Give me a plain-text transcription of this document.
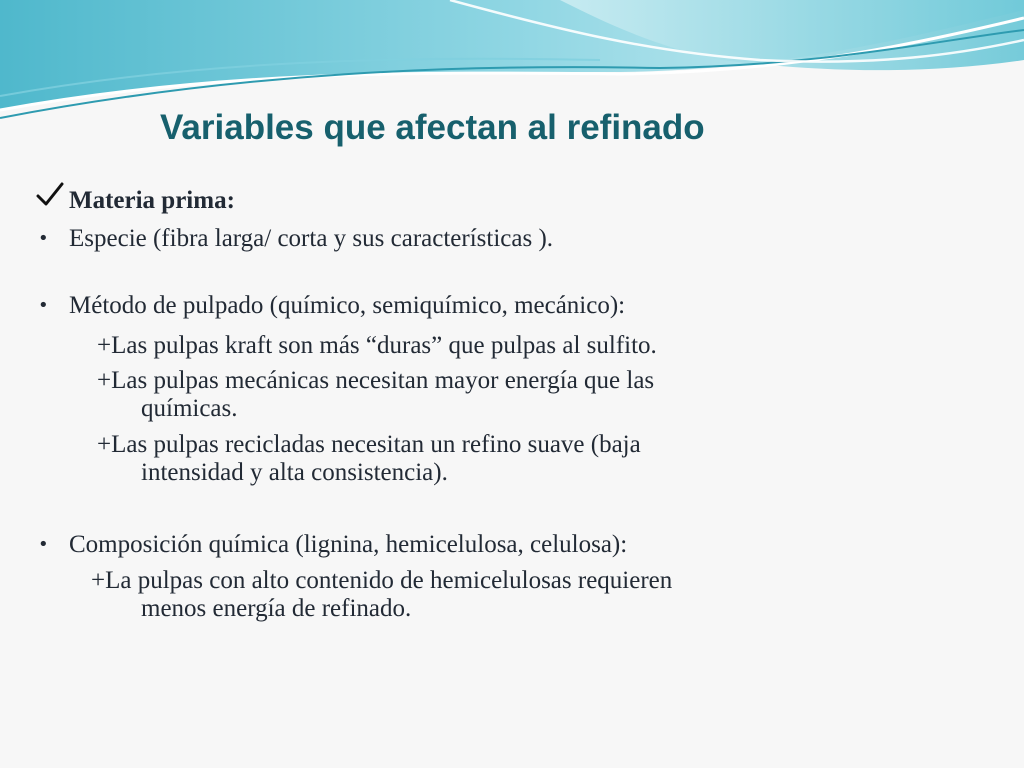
Variables que afectan al refinado
Materia prima:
• Especie (fibra larga/ corta y sus características ).
• Método de pulpado (químico, semiquímico, mecánico):
+Las pulpas kraft son más “duras” que pulpas al sulfito.
+Las pulpas mecánicas necesitan mayor energía que las
químicas.
+Las pulpas recicladas necesitan un refino suave (baja
intensidad y alta consistencia).
• Composición química (lignina, hemicelulosa, celulosa):
+La pulpas con alto contenido de hemicelulosas requieren
menos energía de refinado.
